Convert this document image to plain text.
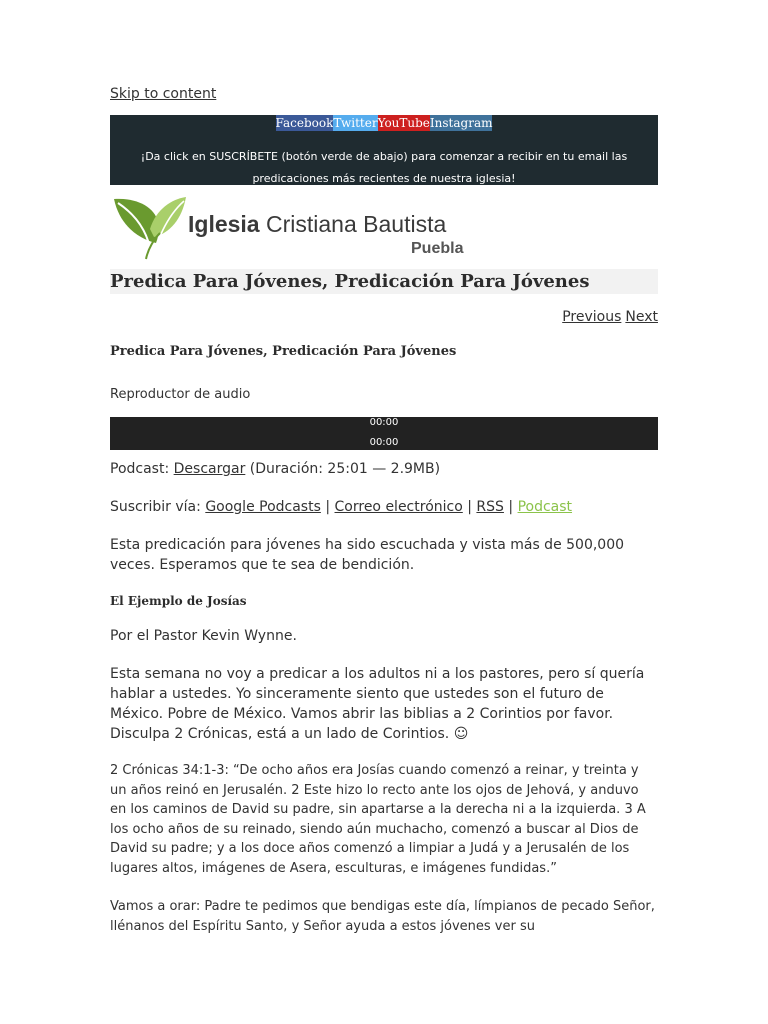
Skip to content
FacebookTwitterYouTubeInstagram
¡Da click en SUSCRÍBETE (botón verde de abajo) para comenzar a recibir en tu email las predicaciones más recientes de nuestra iglesia!
Iglesia Cristiana Bautista
Puebla
Predica Para Jóvenes, Predicación Para Jóvenes
Previous Next
Predica Para Jóvenes, Predicación Para Jóvenes
Reproductor de audio
00:00
00:00

Podcast: Descargar (Duración: 25:01 — 2.9MB)

Suscribir vía: Google Podcasts | Correo electrónico | RSS | Podcast

Esta predicación para jóvenes ha sido escuchada y vista más de 500,000 veces. Esperamos que te sea de bendición.

El Ejemplo de Josías

Por el Pastor Kevin Wynne.

Esta semana no voy a predicar a los adultos ni a los pastores, pero sí quería hablar a ustedes. Yo sinceramente siento que ustedes son el futuro de México. Pobre de México. Vamos abrir las biblias a 2 Corintios por favor. Disculpa 2 Crónicas, está a un lado de Corintios. ☺

2 Crónicas 34:1-3: “De ocho años era Josías cuando comenzó a reinar, y treinta y un años reinó en Jerusalén. 2 Este hizo lo recto ante los ojos de Jehová, y anduvo en los caminos de David su padre, sin apartarse a la derecha ni a la izquierda. 3 A los ocho años de su reinado, siendo aún muchacho, comenzó a buscar al Dios de David su padre; y a los doce años comenzó a limpiar a Judá y a Jerusalén de los lugares altos, imágenes de Asera, esculturas, e imágenes fundidas.”

Vamos a orar: Padre te pedimos que bendigas este día, límpianos de pecado Señor, llénanos del Espíritu Santo, y Señor ayuda a estos jóvenes ver su
